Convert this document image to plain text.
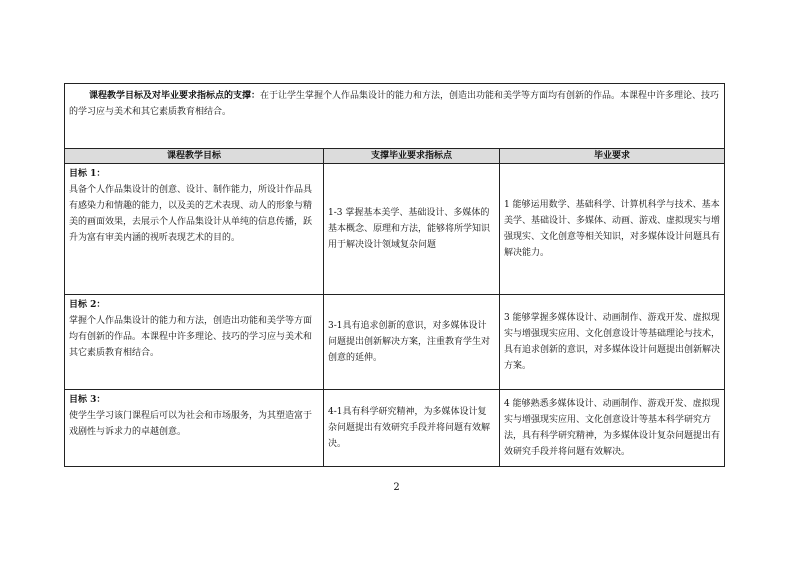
课程教学目标及对毕业要求指标点的支撑：在于让学生掌握个人作品集设计的能力和方法，创造出功能和美学等方面均有创新的作品。本课程中许多理论、技巧的学习应与美术和其它素质教育相结合。		
课程教学目标	支撑毕业要求指标点	毕业要求

目标 1：
具备个人作品集设计的创意、设计、制作能力，所设计作品具有感染力和情趣的能力，以及美的艺术表现、动人的形象与精美的画面效果，去展示个人作品集设计从单纯的信息传播，跃升为富有审美内涵的视听表现艺术的目的。	1-3 掌握基本美学、基础设计、多媒体的基本概念、原理和方法，能够将所学知识用于解决设计领域复杂问题	1 能够运用数学、基础科学、计算机科学与技术、基本美学、基础设计、多媒体、动画、游戏、虚拟现实与增强现实、文化创意等相关知识，对多媒体设计问题具有解决能力。

目标 2：
掌握个人作品集设计的能力和方法，创造出功能和美学等方面均有创新的作品。本课程中许多理论、技巧的学习应与美术和其它素质教育相结合。	3-1具有追求创新的意识，对多媒体设计问题提出创新解决方案，注重教育学生对创意的延伸。	3 能够掌握多媒体设计、动画制作、游戏开发、虚拟现实与增强现实应用、文化创意设计等基础理论与技术，具有追求创新的意识，对多媒体设计问题提出创新解决方案。

目标 3：
使学生学习该门课程后可以为社会和市场服务，为其塑造富于戏剧性与诉求力的卓越创意。	4-1具有科学研究精神，为多媒体设计复杂问题提出有效研究手段并将问题有效解决。	4 能够熟悉多媒体设计、动画制作、游戏开发、虚拟现实与增强现实应用、文化创意设计等基本科学研究方法，具有科学研究精神，为多媒体设计复杂问题提出有效研究手段并将问题有效解决。
2
